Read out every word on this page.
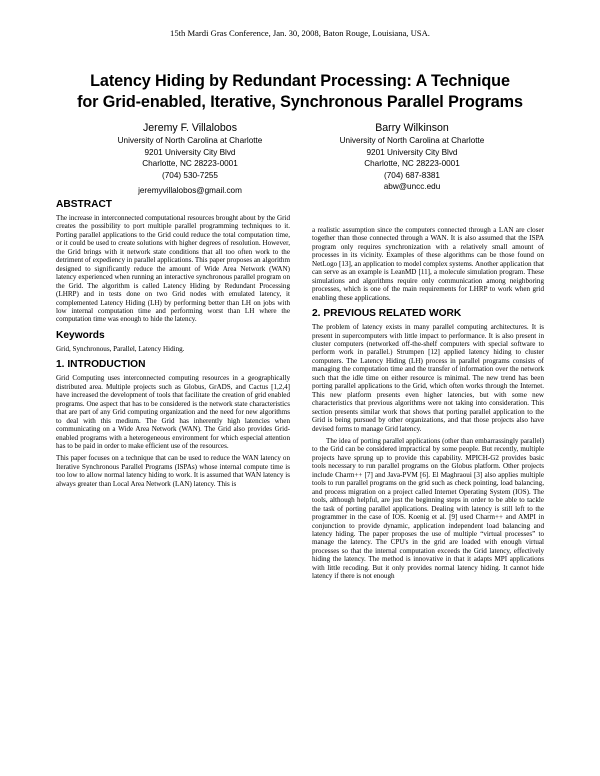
15th Mardi Gras Conference, Jan. 30, 2008, Baton Rouge, Louisiana, USA.
Latency Hiding by Redundant Processing: A Technique
for Grid-enabled, Iterative, Synchronous Parallel Programs
Jeremy F. Villalobos
University of North Carolina at Charlotte
9201 University City Blvd
Charlotte, NC 28223-0001
(704) 530-7255
jeremyvillalobos@gmail.com
Barry Wilkinson
University of North Carolina at Charlotte
9201 University City Blvd
Charlotte, NC 28223-0001
(704) 687-8381
abw@uncc.edu
ABSTRACT

The increase in interconnected computational resources brought about by the Grid creates the possibility to port multiple parallel programming techniques to it. Porting parallel applications to the Grid could reduce the total computation time, or it could be used to create solutions with higher degrees of resolution. However, the Grid brings with it network state conditions that all too often work to the detriment of expediency in parallel applications. This paper proposes an algorithm designed to significantly reduce the amount of Wide Area Network (WAN) latency experienced when running an interactive synchronous parallel program on the Grid. The algorithm is called Latency Hiding by Redundant Processing (LHRP) and in tests done on two Grid nodes with emulated latency, it complemented Latency Hiding (LH) by performing better than LH on jobs with low internal computation time and performing worst than LH where the computation time was enough to hide the latency.

Keywords

Grid, Synchronous, Parallel, Latency Hiding.

1. INTRODUCTION

Grid Computing uses interconnected computing resources in a geographically distributed area. Multiple projects such as Globus, GrADS, and Cactus [1,2,4] have increased the development of tools that facilitate the creation of grid enabled programs. One aspect that has to be considered is the network state characteristics that are part of any Grid computing organization and the need for new algorithms to deal with this medium. The Grid has inherently high latencies when communicating on a Wide Area Network (WAN). The Grid also provides Grid-enabled programs with a heterogeneous environment for which especial attention has to be paid in order to make efficient use of the resources.

This paper focuses on a technique that can be used to reduce the WAN latency on Iterative Synchronous Parallel Programs (ISPAs) whose internal compute time is too low to allow normal latency hiding to work. It is assumed that WAN latency is always greater than Local Area Network (LAN) latency. This is

a realistic assumption since the computers connected through a LAN are closer together than those connected through a WAN. It is also assumed that the ISPA program only requires synchronization with a relatively small amount of processes in its vicinity. Examples of these algorithms can be those found on NetLogo [13], an application to model complex systems. Another application that can serve as an example is LeanMD [11], a molecule simulation program. These simulations and algorithms require only communication among neighboring processes, which is one of the main requirements for LHRP to work when grid enabling these applications.

2. PREVIOUS RELATED WORK

The problem of latency exists in many parallel computing architectures. It is present in supercomputers with little impact to performance. It is also present in cluster computers (networked off-the-shelf computers with special software to perform work in parallel.) Strumpen [12] applied latency hiding to cluster computers. The Latency Hiding (LH) process in parallel programs consists of managing the computation time and the transfer of information over the network such that the idle time on either resource is minimal. The new trend has been porting parallel applications to the Grid, which often works through the Internet. This new platform presents even higher latencies, but with some new characteristics that previous algorithms were not taking into consideration. This section presents similar work that shows that porting parallel application to the Grid is being pursued by other organizations, and that those projects also have devised forms to manage Grid latency.

The idea of porting parallel applications (other than embarrassingly parallel) to the Grid can be considered impractical by some people. But recently, multiple projects have sprung up to provide this capability. MPICH-G2 provides basic tools necessary to run parallel programs on the Globus platform. Other projects include Charm++ [7] and Java-PVM [6]. El Maghraoui [3] also applies multiple tools to run parallel programs on the grid such as check pointing, load balancing, and process migration on a project called Internet Operating System (IOS). The tools, although helpful, are just the beginning steps in order to be able to tackle the task of porting parallel applications. Dealing with latency is still left to the programmer in the case of IOS. Koenig et al. [9] used Charm++ and AMPI in conjunction to provide dynamic, application independent load balancing and latency hiding. The paper proposes the use of multiple “virtual processes” to manage the latency. The CPU's in the grid are loaded with enough virtual processes so that the internal computation exceeds the Grid latency, effectively hiding the latency. The method is innovative in that it adapts MPI applications with little recoding. But it only provides normal latency hiding. It cannot hide latency if there is not enough
